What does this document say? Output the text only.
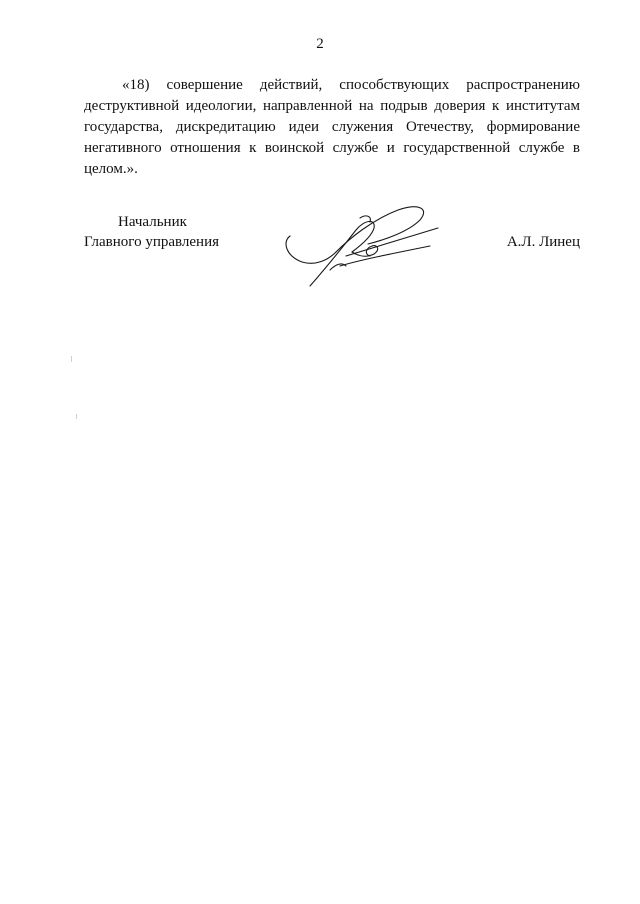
2

«18) совершение действий, способствующих распространению деструктивной идеологии, направленной на подрыв доверия к институтам государства, дискредитацию идеи служения Отечеству, формирование негативного отношения к воинской службе и государственной службе в целом.».

Начальник
Главного управления	А.Л. Линец
